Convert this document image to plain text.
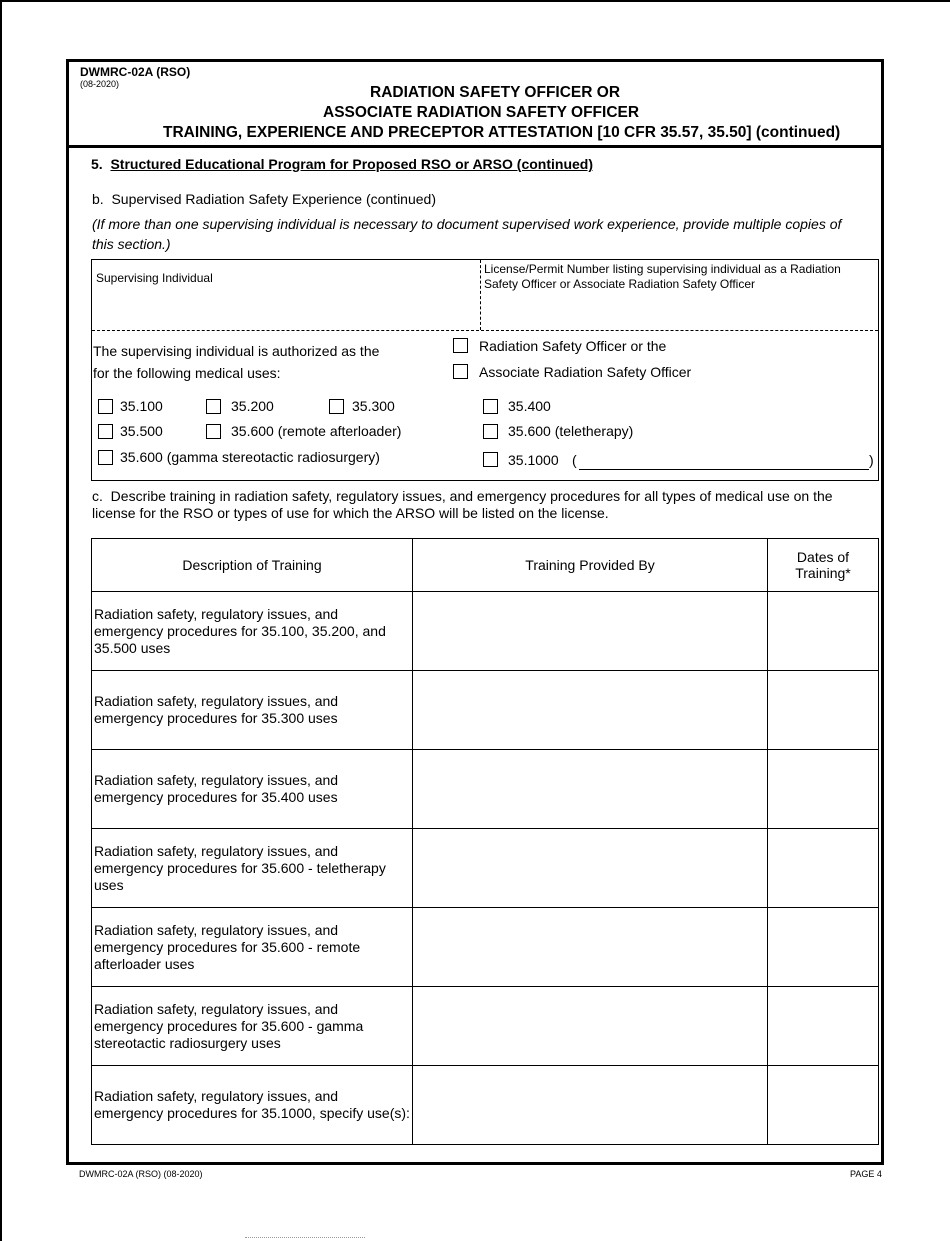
DWMRC-02A (RSO)
(08-2020)	RADIATION SAFETY OFFICER OR
ASSOCIATE RADIATION SAFETY OFFICER
TRAINING, EXPERIENCE AND PRECEPTOR ATTESTATION [10 CFR 35.57, 35.50] (continued)
5. Structured Educational Program for Proposed RSO or ARSO (continued)
b. Supervised Radiation Safety Experience (continued)
(If more than one supervising individual is necessary to document supervised work experience, provide multiple copies of this section.)
Supervising Individual
License/Permit Number listing supervising individual as a Radiation Safety Officer or Associate Radiation Safety Officer
The supervising individual is authorized as the
for the following medical uses:
Radiation Safety Officer or the
Associate Radiation Safety Officer
35.100	35.200	35.300	35.400
35.500	35.600 (remote afterloader)	35.600 (teletherapy)
35.600 (gamma stereotactic radiosurgery)	35.1000 (	)
c. Describe training in radiation safety, regulatory issues, and emergency procedures for all types of medical use on the license for the RSO or types of use for which the ARSO will be listed on the license.
Description of Training	Training Provided By	Dates of Training*
Radiation safety, regulatory issues, and emergency procedures for 35.100, 35.200, and 35.500 uses		
Radiation safety, regulatory issues, and emergency procedures for 35.300 uses		
Radiation safety, regulatory issues, and emergency procedures for 35.400 uses		
Radiation safety, regulatory issues, and emergency procedures for 35.600 - teletherapy uses		
Radiation safety, regulatory issues, and emergency procedures for 35.600 - remote afterloader uses		
Radiation safety, regulatory issues, and emergency procedures for 35.600 - gamma stereotactic radiosurgery uses		
Radiation safety, regulatory issues, and emergency procedures for 35.1000, specify use(s):		
DWMRC-02A (RSO) (08-2020)	PAGE 4
